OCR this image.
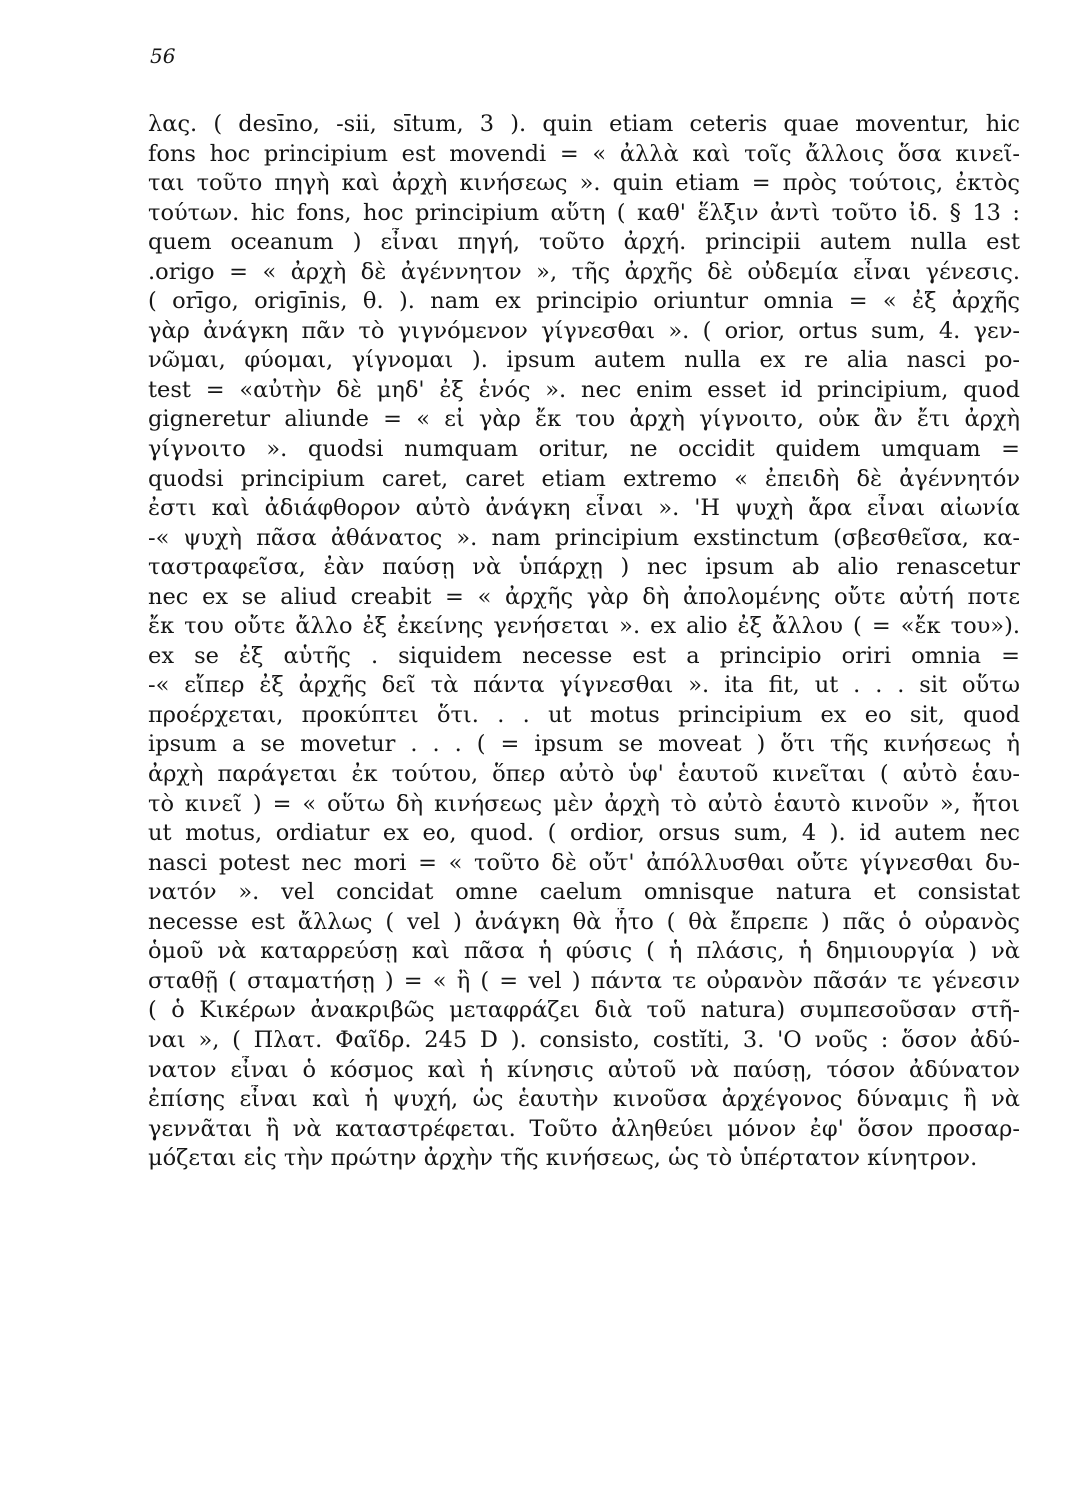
56
λας. ( desīno, -sii, sītum, 3 ). quin etiam ceteris quae moventur, hic
fons hoc principium est movendi = « ἀλλὰ καὶ τοῖς ἄλλοις ὅσα κινεῖ-
ται τοῦτο πηγὴ καὶ ἀρχὴ κινήσεως ». quin etiam = πρὸς τούτοις, ἐκτὸς
τούτων. hic fons, hoc principium αὕτη ( καθ' ἕλξιν ἀντὶ τοῦτο ἰδ. § 13 :
quem oceanum ) εἶναι πηγή, τοῦτο ἀρχή. principii autem nulla est
.origo = « ἀρχὴ δὲ ἀγέννητον », τῆς ἀρχῆς δὲ οὐδεμία εἶναι γένεσις.
( orīgo, origīnis, θ. ). nam ex principio oriuntur omnia = « ἐξ ἀρχῆς
γὰρ ἀνάγκη πᾶν τὸ γιγνόμενον γίγνεσθαι ». ( orior, ortus sum, 4. γεν-
νῶμαι, φύομαι, γίγνομαι ). ipsum autem nulla ex re alia nasci po-
test = «αὐτὴν δὲ μηδ' ἐξ ἑνός ». nec enim esset id principium, quod
gigneretur aliunde = « εἰ γὰρ ἔκ του ἀρχὴ γίγνοιτο, οὐκ ἂν ἔτι ἀρχὴ
γίγνοιτο ». quodsi numquam oritur, ne occidit quidem umquam =
quodsi principium caret, caret etiam extremo « ἐπειδὴ δὲ ἀγέννητόν
ἐστι καὶ ἀδιάφθορον αὐτὸ ἀνάγκη εἶναι ». 'Η ψυχὴ ἄρα εἶναι αἰωνία
-« ψυχὴ πᾶσα ἀθάνατος ». nam principium exstinctum (σβεσθεῖσα, κα-
ταστραφεῖσα, ἐὰν παύσῃ νὰ ὑπάρχῃ ) nec ipsum ab alio renascetur
nec ex se aliud creabit = « ἀρχῆς γὰρ δὴ ἀπολομένης οὔτε αὐτή ποτε
ἔκ του οὔτε ἄλλο ἐξ ἐκείνης γενήσεται ». ex alio ἐξ ἄλλου ( = «ἔκ του»).
ex se ἐξ αὑτῆς . siquidem necesse est a principio oriri omnia =
-« εἴπερ ἐξ ἀρχῆς δεῖ τὰ πάντα γίγνεσθαι ». ita fit, ut . . . sit οὕτω
προέρχεται, προκύπτει ὅτι. . . ut motus principium ex eo sit, quod
ipsum a se movetur . . . ( = ipsum se moveat ) ὅτι τῆς κινήσεως ἡ
ἀρχὴ παράγεται ἐκ τούτου, ὅπερ αὐτὸ ὑφ' ἑαυτοῦ κινεῖται ( αὐτὸ ἑαυ-
τὸ κινεῖ ) = « οὕτω δὴ κινήσεως μὲν ἀρχὴ τὸ αὐτὸ ἑαυτὸ κινοῦν », ἤτοι
ut motus, ordiatur ex eo, quod. ( ordior, orsus sum, 4 ). id autem nec
nasci potest nec mori = « τοῦτο δὲ οὔτ' ἀπόλλυσθαι οὔτε γίγνεσθαι δυ-
νατόν ». vel concidat omne caelum omnisque natura et consistat
necesse est ἄλλως ( vel ) ἀνάγκη θὰ ἦτο ( θὰ ἔπρεπε ) πᾶς ὁ οὐρανὸς
ὁμοῦ νὰ καταρρεύσῃ καὶ πᾶσα ἡ φύσις ( ἡ πλάσις, ἡ δημιουργία ) νὰ
σταθῇ ( σταματήσῃ ) = « ἢ ( = vel ) πάντα τε οὐρανὸν πᾶσάν τε γένεσιν
( ὁ Κικέρων ἀνακριβῶς μεταφράζει διὰ τοῦ natura) συμπεσοῦσαν στῆ-
ναι », ( Πλατ. Φαῖδρ. 245 D ). consisto, costĭti, 3. 'Ο νοῦς : ὅσον ἀδύ-
νατον εἶναι ὁ κόσμος καὶ ἡ κίνησις αὐτοῦ νὰ παύσῃ, τόσον ἀδύνατον
ἐπίσης εἶναι καὶ ἡ ψυχή, ὡς ἑαυτὴν κινοῦσα ἀρχέγονος δύναμις ἢ νὰ
γεννᾶται ἢ νὰ καταστρέφεται. Τοῦτο ἀληθεύει μόνον ἐφ' ὅσον προσαρ-
μόζεται εἰς τὴν πρώτην ἀρχὴν τῆς κινήσεως, ὡς τὸ ὑπέρτατον κίνητρον.
